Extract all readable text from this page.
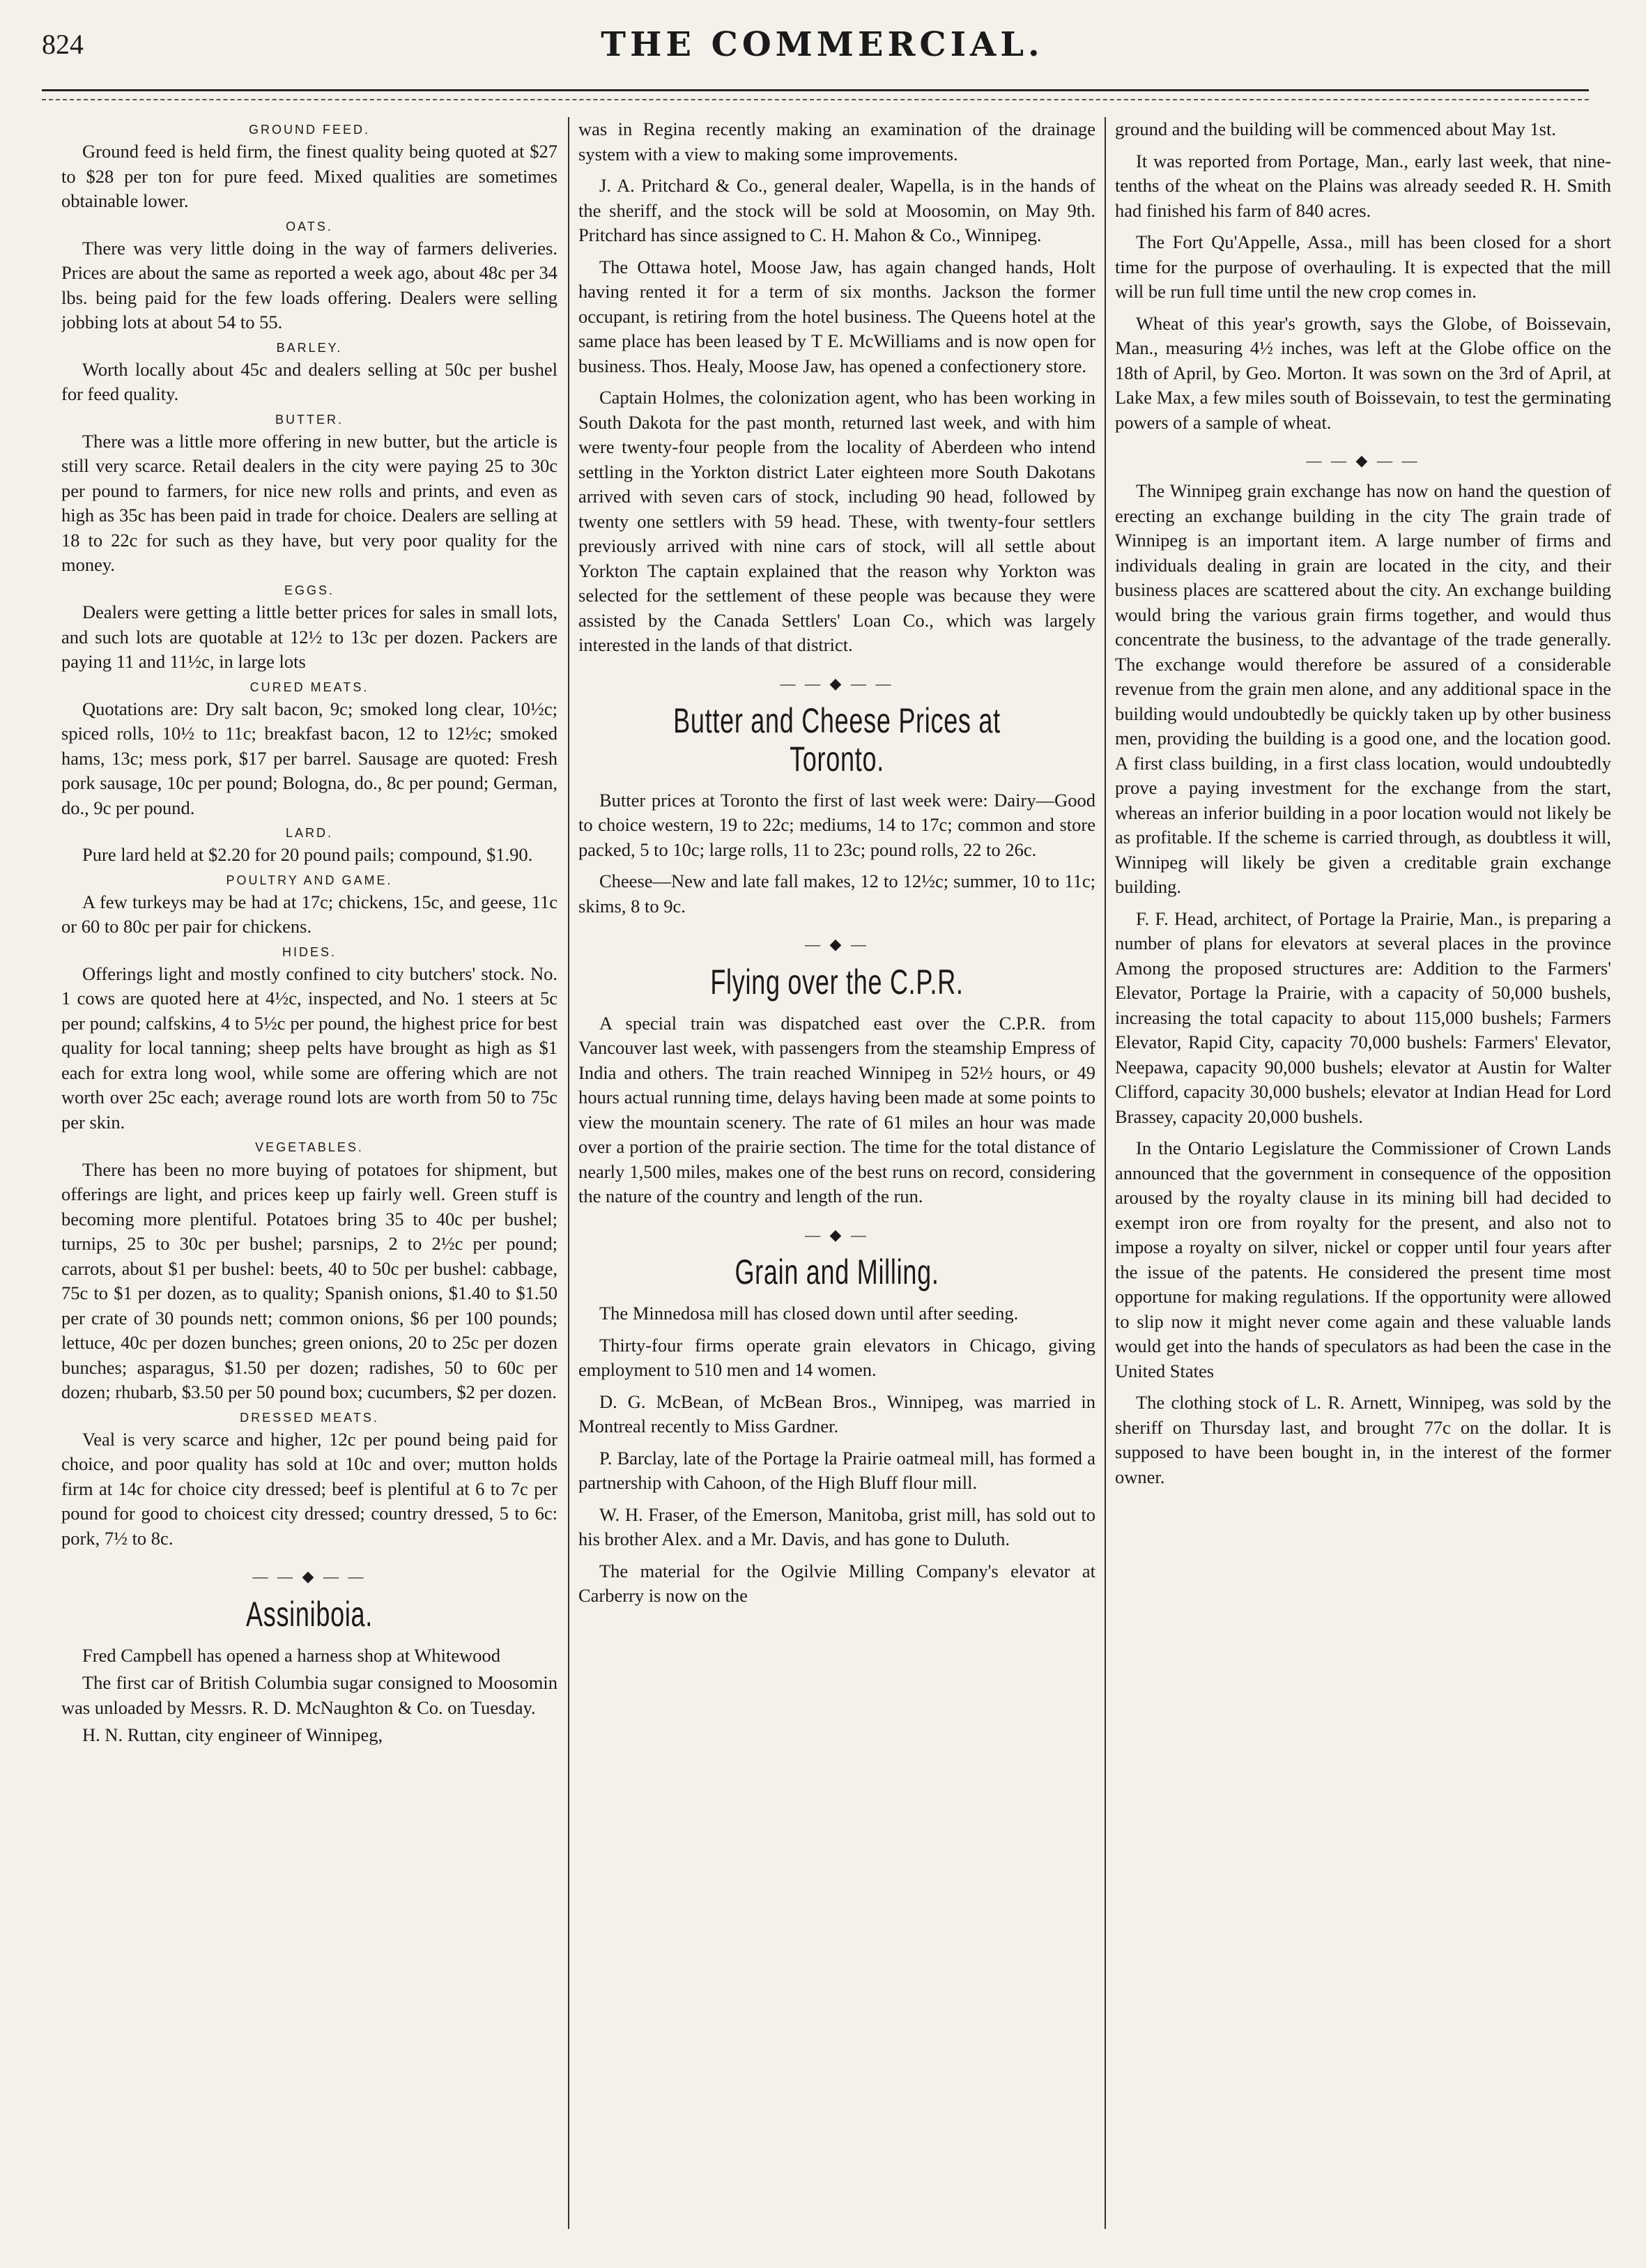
824	THE COMMERCIAL.
GROUND FEED.

Ground feed is held firm, the finest quality being quoted at $27 to $28 per ton for pure feed. Mixed qualities are sometimes obtainable lower.

OATS.

There was very little doing in the way of farmers deliveries. Prices are about the same as reported a week ago, about 48c per 34 lbs. being paid for the few loads offering. Dealers were selling jobbing lots at about 54 to 55.

BARLEY.

Worth locally about 45c and dealers selling at 50c per bushel for feed quality.

BUTTER.

There was a little more offering in new butter, but the article is still very scarce. Retail dealers in the city were paying 25 to 30c per pound to farmers, for nice new rolls and prints, and even as high as 35c has been paid in trade for choice. Dealers are selling at 18 to 22c for such as they have, but very poor quality for the money.

EGGS.

Dealers were getting a little better prices for sales in small lots, and such lots are quotable at 12½ to 13c per dozen. Packers are paying 11 and 11½c, in large lots

CURED MEATS.

Quotations are: Dry salt bacon, 9c; smoked long clear, 10½c; spiced rolls, 10½ to 11c; breakfast bacon, 12 to 12½c; smoked hams, 13c; mess pork, $17 per barrel. Sausage are quoted: Fresh pork sausage, 10c per pound; Bologna, do., 8c per pound; German, do., 9c per pound.

LARD.

Pure lard held at $2.20 for 20 pound pails; compound, $1.90.

POULTRY AND GAME.

A few turkeys may be had at 17c; chickens, 15c, and geese, 11c or 60 to 80c per pair for chickens.

HIDES.

Offerings light and mostly confined to city butchers' stock. No. 1 cows are quoted here at 4½c, inspected, and No. 1 steers at 5c per pound; calfskins, 4 to 5½c per pound, the highest price for best quality for local tanning; sheep pelts have brought as high as $1 each for extra long wool, while some are offering which are not worth over 25c each; average round lots are worth from 50 to 75c per skin.

VEGETABLES.

There has been no more buying of potatoes for shipment, but offerings are light, and prices keep up fairly well. Green stuff is becoming more plentiful. Potatoes bring 35 to 40c per bushel; turnips, 25 to 30c per bushel; parsnips, 2 to 2½c per pound; carrots, about $1 per bushel: beets, 40 to 50c per bushel: cabbage, 75c to $1 per dozen, as to quality; Spanish onions, $1.40 to $1.50 per crate of 30 pounds nett; common onions, $6 per 100 pounds; lettuce, 40c per dozen bunches; green onions, 20 to 25c per dozen bunches; asparagus, $1.50 per dozen; radishes, 50 to 60c per dozen; rhubarb, $3.50 per 50 pound box; cucumbers, $2 per dozen.

DRESSED MEATS.

Veal is very scarce and higher, 12c per pound being paid for choice, and poor quality has sold at 10c and over; mutton holds firm at 14c for choice city dressed; beef is plentiful at 6 to 7c per pound for good to choicest city dressed; country dressed, 5 to 6c: pork, 7½ to 8c.

— — ◆ — —
Assiniboia.

Fred Campbell has opened a harness shop at Whitewood

The first car of British Columbia sugar consigned to Moosomin was unloaded by Messrs. R. D. McNaughton & Co. on Tuesday.

H. N. Ruttan, city engineer of Winnipeg,

was in Regina recently making an examination of the drainage system with a view to making some improvements.

J. A. Pritchard & Co., general dealer, Wapella, is in the hands of the sheriff, and the stock will be sold at Moosomin, on May 9th. Pritchard has since assigned to C. H. Mahon & Co., Winnipeg.

The Ottawa hotel, Moose Jaw, has again changed hands, Holt having rented it for a term of six months. Jackson the former occupant, is retiring from the hotel business. The Queens hotel at the same place has been leased by T E. McWilliams and is now open for business. Thos. Healy, Moose Jaw, has opened a confectionery store.

Captain Holmes, the colonization agent, who has been working in South Dakota for the past month, returned last week, and with him were twenty-four people from the locality of Aberdeen who intend settling in the Yorkton district Later eighteen more South Dakotans arrived with seven cars of stock, including 90 head, followed by twenty one settlers with 59 head. These, with twenty-four settlers previously arrived with nine cars of stock, will all settle about Yorkton The captain explained that the reason why Yorkton was selected for the settlement of these people was because they were assisted by the Canada Settlers' Loan Co., which was largely interested in the lands of that district.

— — ◆ — —
Butter and Cheese Prices at Toronto.

Butter prices at Toronto the first of last week were: Dairy—Good to choice western, 19 to 22c; mediums, 14 to 17c; common and store packed, 5 to 10c; large rolls, 11 to 23c; pound rolls, 22 to 26c.

Cheese—New and late fall makes, 12 to 12½c; summer, 10 to 11c; skims, 8 to 9c.

— ◆ —
Flying over the C.P.R.

A special train was dispatched east over the C.P.R. from Vancouver last week, with passengers from the steamship Empress of India and others. The train reached Winnipeg in 52½ hours, or 49 hours actual running time, delays having been made at some points to view the mountain scenery. The rate of 61 miles an hour was made over a portion of the prairie section. The time for the total distance of nearly 1,500 miles, makes one of the best runs on record, considering the nature of the country and length of the run.

— ◆ —
Grain and Milling.

The Minnedosa mill has closed down until after seeding.

Thirty-four firms operate grain elevators in Chicago, giving employment to 510 men and 14 women.

D. G. McBean, of McBean Bros., Winnipeg, was married in Montreal recently to Miss Gardner.

P. Barclay, late of the Portage la Prairie oatmeal mill, has formed a partnership with Cahoon, of the High Bluff flour mill.

W. H. Fraser, of the Emerson, Manitoba, grist mill, has sold out to his brother Alex. and a Mr. Davis, and has gone to Duluth.

The material for the Ogilvie Milling Company's elevator at Carberry is now on the

ground and the building will be commenced about May 1st.

It was reported from Portage, Man., early last week, that nine-tenths of the wheat on the Plains was already seeded R. H. Smith had finished his farm of 840 acres.

The Fort Qu'Appelle, Assa., mill has been closed for a short time for the purpose of overhauling. It is expected that the mill will be run full time until the new crop comes in.

Wheat of this year's growth, says the Globe, of Boissevain, Man., measuring 4½ inches, was left at the Globe office on the 18th of April, by Geo. Morton. It was sown on the 3rd of April, at Lake Max, a few miles south of Boissevain, to test the germinating powers of a sample of wheat.

— — ◆ — —

The Winnipeg grain exchange has now on hand the question of erecting an exchange building in the city The grain trade of Winnipeg is an important item. A large number of firms and individuals dealing in grain are located in the city, and their business places are scattered about the city. An exchange building would bring the various grain firms together, and would thus concentrate the business, to the advantage of the trade generally. The exchange would therefore be assured of a considerable revenue from the grain men alone, and any additional space in the building would undoubtedly be quickly taken up by other business men, providing the building is a good one, and the location good. A first class building, in a first class location, would undoubtedly prove a paying investment for the exchange from the start, whereas an inferior building in a poor location would not likely be as profitable. If the scheme is carried through, as doubtless it will, Winnipeg will likely be given a creditable grain exchange building.

F. F. Head, architect, of Portage la Prairie, Man., is preparing a number of plans for elevators at several places in the province Among the proposed structures are: Addition to the Farmers' Elevator, Portage la Prairie, with a capacity of 50,000 bushels, increasing the total capacity to about 115,000 bushels; Farmers Elevator, Rapid City, capacity 70,000 bushels: Farmers' Elevator, Neepawa, capacity 90,000 bushels; elevator at Austin for Walter Clifford, capacity 30,000 bushels; elevator at Indian Head for Lord Brassey, capacity 20,000 bushels.

In the Ontario Legislature the Commissioner of Crown Lands announced that the government in consequence of the opposition aroused by the royalty clause in its mining bill had decided to exempt iron ore from royalty for the present, and also not to impose a royalty on silver, nickel or copper until four years after the issue of the patents. He considered the present time most opportune for making regulations. If the opportunity were allowed to slip now it might never come again and these valuable lands would get into the hands of speculators as had been the case in the United States

The clothing stock of L. R. Arnett, Winnipeg, was sold by the sheriff on Thursday last, and brought 77c on the dollar. It is supposed to have been bought in, in the interest of the former owner.
